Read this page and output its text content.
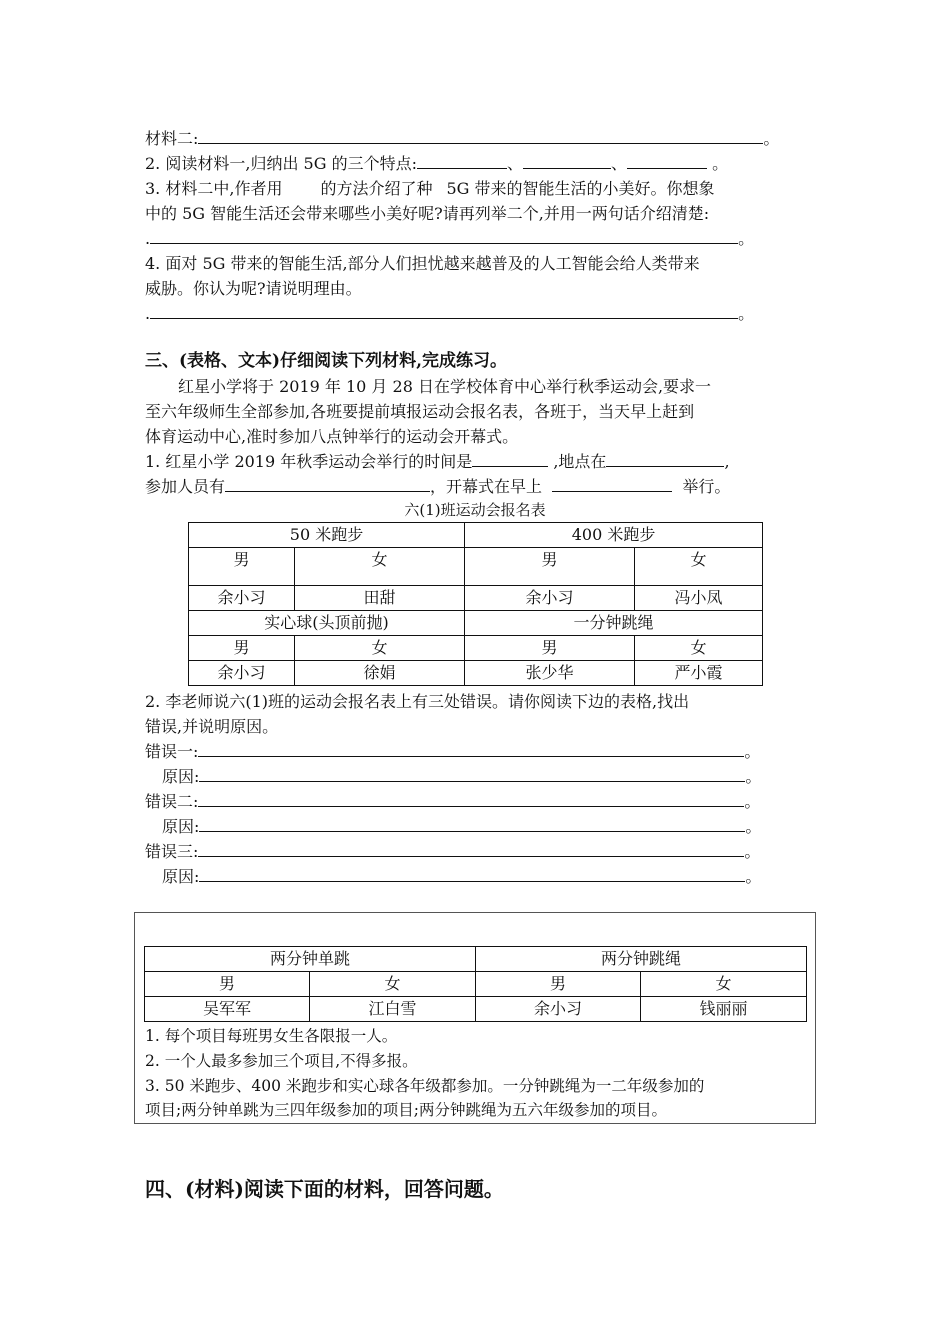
材料二:	。
2. 阅读材料一,归纳出 5G 的三个特点:	、	、	。
3. 材料二中,作者用 的方法介绍了种 5G 带来的智能生活的小美好。你想象
中的 5G 智能生活还会带来哪些小美好呢?请再列举二个,并用一两句话介绍清楚:
.	。
4. 面对 5G 带来的智能生活,部分人们担忧越来越普及的人工智能会给人类带来
威胁。你认为呢?请说明理由。
.	。
三、(表格、文本)仔细阅读下列材料,完成练习。
红星小学将于 2019 年 10 月 28 日在学校体育中心举行秋季运动会,要求一
至六年级师生全部参加,各班要提前填报运动会报名表，各班于，当天早上赶到
体育运动中心,准时参加八点钟举行的运动会开幕式。
1. 红星小学 2019 年秋季运动会举行的时间是	,地点在	,
参加人员有	，开幕式在早上	举行。
六(1)班运动会报名表
50 米跑步		400 米跑步	
男	女	男	女
余小习	田甜	余小习	冯小凤
实心球(头顶前抛)		一分钟跳绳	
男	女	男	女
余小习	徐娟	张少华	严小霞
2. 李老师说六(1)班的运动会报名表上有三处错误。请你阅读下边的表格,找出
错误,并说明原因。
错误一:	。
原因:	。
错误二:	。
原因:	。
错误三:	。
原因:	。
两分钟单跳		两分钟跳绳	
男	女	男	女
吴军军	江白雪	余小习	钱丽丽
1. 每个项目每班男女生各限报一人。
2. 一个人最多参加三个项目,不得多报。
3. 50 米跑步、400 米跑步和实心球各年级都参加。一分钟跳绳为一二年级参加的
项目;两分钟单跳为三四年级参加的项目;两分钟跳绳为五六年级参加的项目。
四、(材料)阅读下面的材料，回答问题。
